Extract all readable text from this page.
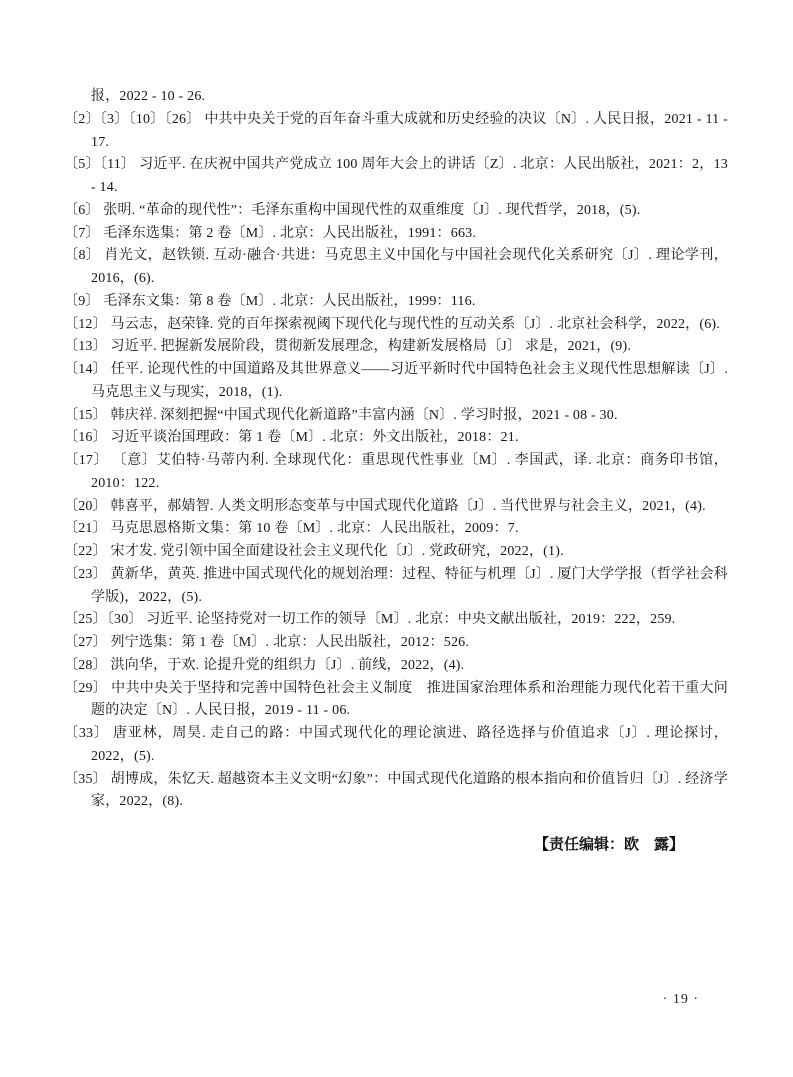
报，2022 - 10 - 26.

〔2〕〔3〕〔10〕〔26〕 中共中央关于党的百年奋斗重大成就和历史经验的决议〔N〕. 人民日报，2021 - 11 - 17.

〔5〕〔11〕 习近平. 在庆祝中国共产党成立 100 周年大会上的讲话〔Z〕. 北京：人民出版社，2021：2，13 - 14.

〔6〕 张明. “革命的现代性”：毛泽东重构中国现代性的双重维度〔J〕. 现代哲学，2018，(5).

〔7〕 毛泽东选集：第 2 卷〔M〕. 北京：人民出版社，1991：663.

〔8〕 肖光文，赵铁锁. 互动·融合·共进：马克思主义中国化与中国社会现代化关系研究〔J〕. 理论学刊，2016，(6).

〔9〕 毛泽东文集：第 8 卷〔M〕. 北京：人民出版社，1999：116.

〔12〕 马云志，赵荣锋. 党的百年探索视阈下现代化与现代性的互动关系〔J〕. 北京社会科学，2022，(6).

〔13〕 习近平. 把握新发展阶段，贯彻新发展理念，构建新发展格局〔J〕 求是，2021，(9).

〔14〕 任平. 论现代性的中国道路及其世界意义——习近平新时代中国特色社会主义现代性思想解读〔J〕. 马克思主义与现实，2018，(1).

〔15〕 韩庆祥. 深刻把握“中国式现代化新道路”丰富内涵〔N〕. 学习时报，2021 - 08 - 30.

〔16〕 习近平谈治国理政：第 1 卷〔M〕. 北京：外文出版社，2018：21.

〔17〕 〔意〕艾伯特·马蒂内利. 全球现代化：重思现代性事业〔M〕. 李国武，译. 北京：商务印书馆，2010：122.

〔20〕 韩喜平，郝婧智. 人类文明形态变革与中国式现代化道路〔J〕. 当代世界与社会主义，2021，(4).

〔21〕 马克思恩格斯文集：第 10 卷〔M〕. 北京：人民出版社，2009：7.

〔22〕 宋才发. 党引领中国全面建设社会主义现代化〔J〕. 党政研究，2022，(1).

〔23〕 黄新华，黄英. 推进中国式现代化的规划治理：过程、特征与机理〔J〕. 厦门大学学报（哲学社会科学版)，2022，(5).

〔25〕〔30〕 习近平. 论坚持党对一切工作的领导〔M〕. 北京：中央文献出版社，2019：222，259.

〔27〕 列宁选集：第 1 卷〔M〕. 北京：人民出版社，2012：526.

〔28〕 洪向华，于欢. 论提升党的组织力〔J〕. 前线，2022，(4).

〔29〕 中共中央关于坚持和完善中国特色社会主义制度　推进国家治理体系和治理能力现代化若干重大问题的决定〔N〕. 人民日报，2019 - 11 - 06.

〔33〕 唐亚林，周昊. 走自己的路：中国式现代化的理论演进、路径选择与价值追求〔J〕. 理论探讨，2022，(5).

〔35〕 胡博成，朱忆天. 超越资本主义文明“幻象”：中国式现代化道路的根本指向和价值旨归〔J〕. 经济学家，2022，(8).

【责任编辑：欧　露】

· 19 ·
